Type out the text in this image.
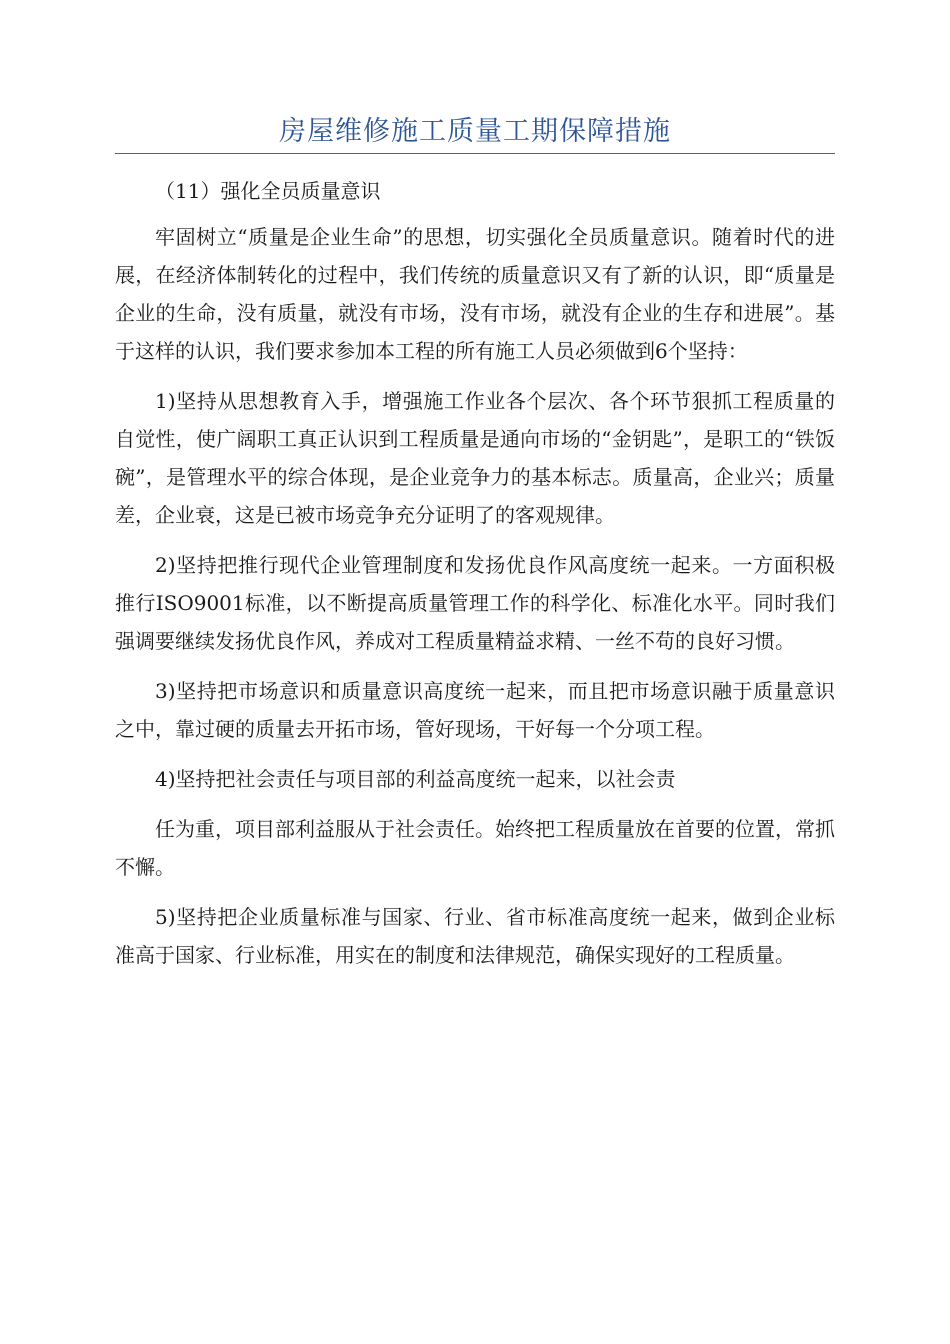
房屋维修施工质量工期保障措施

（11）强化全员质量意识

牢固树立“质量是企业生命”的思想，切实强化全员质量意识。随着时代的进展，在经济体制转化的过程中，我们传统的质量意识又有了新的认识，即“质量是企业的生命，没有质量，就没有市场，没有市场，就没有企业的生存和进展”。基于这样的认识，我们要求参加本工程的所有施工人员必须做到6个坚持：

1)坚持从思想教育入手，增强施工作业各个层次、各个环节狠抓工程质量的自觉性，使广阔职工真正认识到工程质量是通向市场的“金钥匙”，是职工的“铁饭碗”，是管理水平的综合体现，是企业竞争力的基本标志。质量高，企业兴；质量差，企业衰，这是已被市场竞争充分证明了的客观规律。

2)坚持把推行现代企业管理制度和发扬优良作风高度统一起来。一方面积极推行ISO9001标准，以不断提高质量管理工作的科学化、标准化水平。同时我们强调要继续发扬优良作风，养成对工程质量精益求精、一丝不苟的良好习惯。

3)坚持把市场意识和质量意识高度统一起来，而且把市场意识融于质量意识之中，靠过硬的质量去开拓市场，管好现场，干好每一个分项工程。

4)坚持把社会责任与项目部的利益高度统一起来，以社会责

任为重，项目部利益服从于社会责任。始终把工程质量放在首要的位置，常抓不懈。

5)坚持把企业质量标准与国家、行业、省市标准高度统一起来，做到企业标准高于国家、行业标准，用实在的制度和法律规范，确保实现好的工程质量。
